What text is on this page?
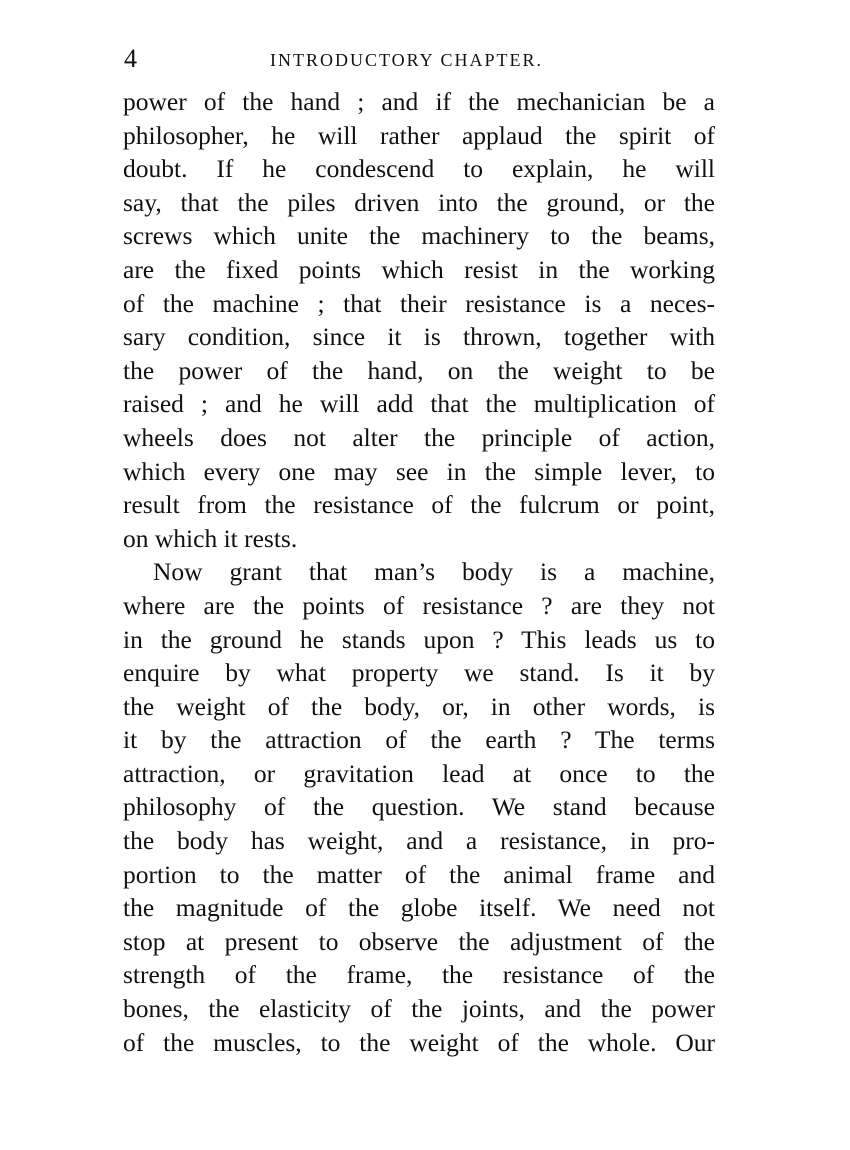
4	INTRODUCTORY CHAPTER.
power of the hand ; and if the mechanician be a
philosopher, he will rather applaud the spirit of
doubt. If he condescend to explain, he will
say, that the piles driven into the ground, or the
screws which unite the machinery to the beams,
are the fixed points which resist in the working
of the machine ; that their resistance is a neces-
sary condition, since it is thrown, together with
the power of the hand, on the weight to be
raised ; and he will add that the multiplication of
wheels does not alter the principle of action,
which every one may see in the simple lever, to
result from the resistance of the fulcrum or point,
on which it rests.
Now grant that man’s body is a machine,
where are the points of resistance ? are they not
in the ground he stands upon ? This leads us to
enquire by what property we stand. Is it by
the weight of the body, or, in other words, is
it by the attraction of the earth ? The terms
attraction, or gravitation lead at once to the
philosophy of the question. We stand because
the body has weight, and a resistance, in pro-
portion to the matter of the animal frame and
the magnitude of the globe itself. We need not
stop at present to observe the adjustment of the
strength of the frame, the resistance of the
bones, the elasticity of the joints, and the power
of the muscles, to the weight of the whole. Our
